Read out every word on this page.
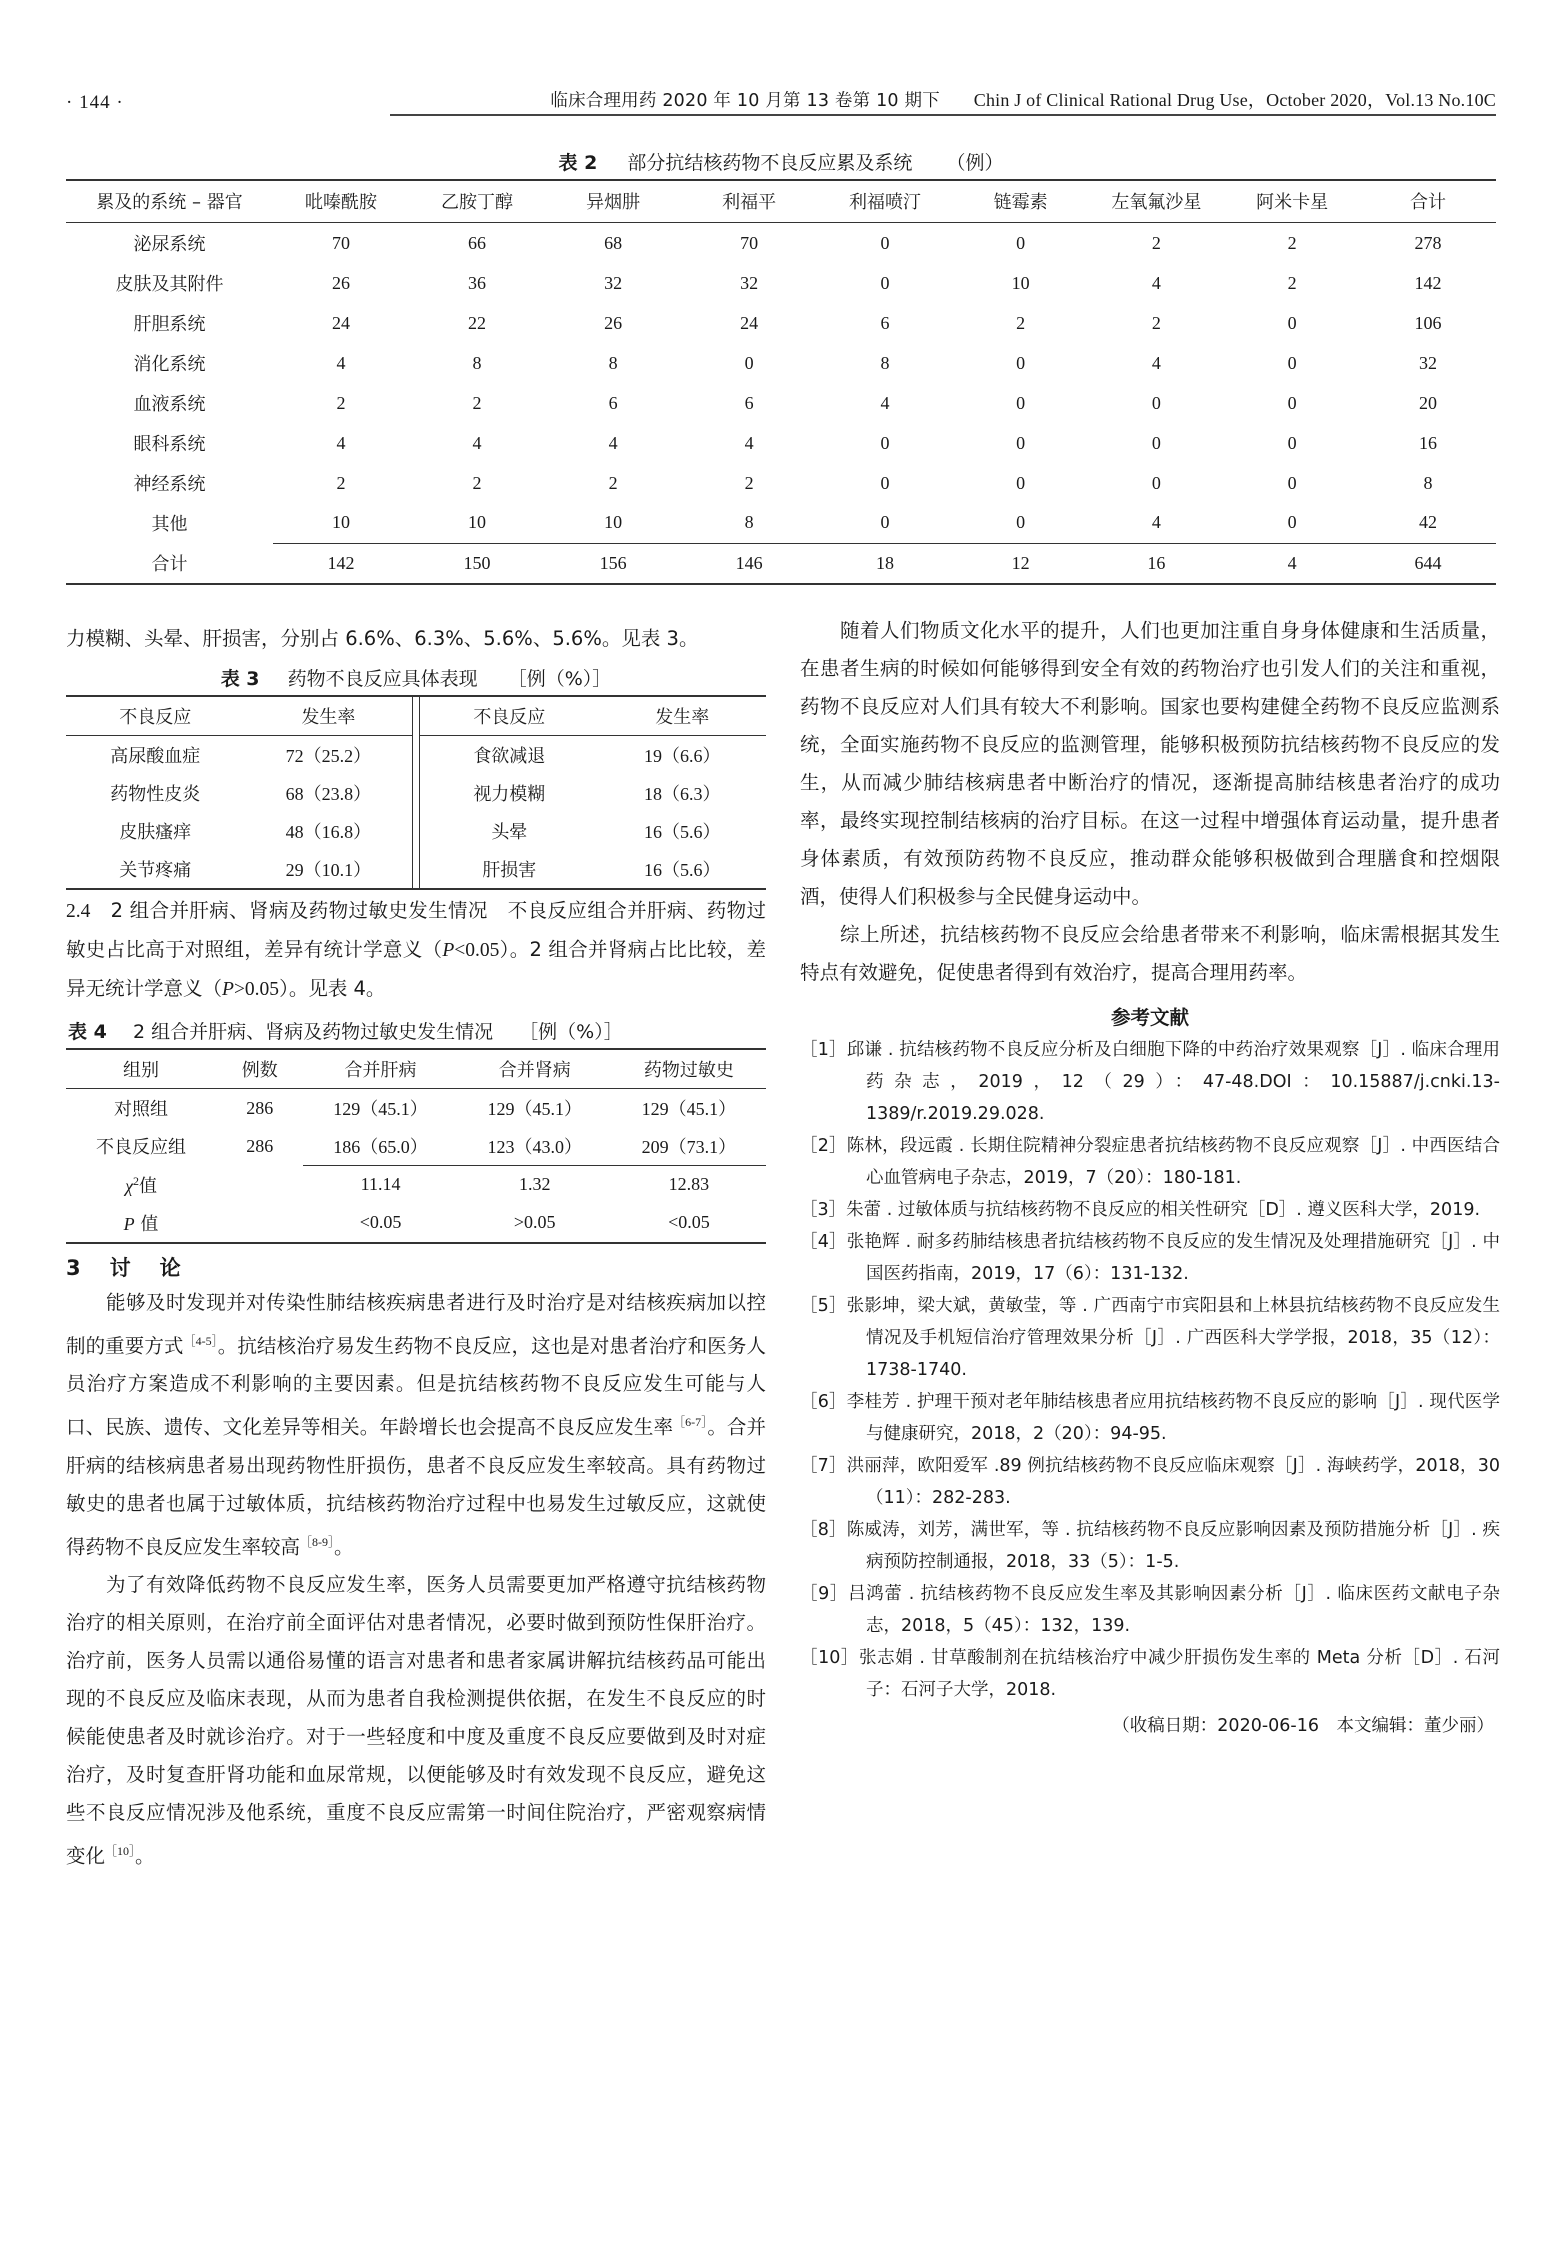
· 144 ·	临床合理用药 2020 年 10 月第 13 卷第 10 期下 Chin J of Clinical Rational Drug Use，October 2020，Vol.13 No.10C
表 2 部分抗结核药物不良反应累及系统 （例）
累及的系统 – 器官	吡嗪酰胺	乙胺丁醇	异烟肼	利福平	利福喷汀	链霉素	左氧氟沙星	阿米卡星	合计
泌尿系统	70	66	68	70	0	0	2	2	278
皮肤及其附件	26	36	32	32	0	10	4	2	142
肝胆系统	24	22	26	24	6	2	2	0	106
消化系统	4	8	8	0	8	0	4	0	32
血液系统	2	2	6	6	4	0	0	0	20
眼科系统	4	4	4	4	0	0	0	0	16
神经系统	2	2	2	2	0	0	0	0	8
其他	10	10	10	8	0	0	4	0	42
合计	142	150	156	146	18	12	16	4	644

力模糊、头晕、肝损害，分别占 6.6%、6.3%、5.6%、5.6%。见表 3。

表 3 药物不良反应具体表现 ［例（%）］
不良反应	发生率		不良反应	发生率
高尿酸血症	72（25.2）		食欲减退	19（6.6）
药物性皮炎	68（23.8）		视力模糊	18（6.3）
皮肤瘙痒	48（16.8）		头晕	16（5.6）
关节疼痛	29（10.1）		肝损害	16（5.6）

2.4　2 组合并肝病、肾病及药物过敏史发生情况　不良反应组合并肝病、药物过敏史占比高于对照组，差异有统计学意义（P<0.05）。2 组合并肾病占比比较，差异无统计学意义（P>0.05）。见表 4。

表 4 2 组合并肝病、肾病及药物过敏史发生情况 ［例（%）］
组别	例数	合并肝病	合并肾病	药物过敏史
对照组	286	129（45.1）	129（45.1）	129（45.1）
不良反应组	286	186（65.0）	123（43.0）	209（73.1）
$\chi^2$值		11.14	1.32	12.83
P 值		<0.05	>0.05	<0.05

3　讨　论

能够及时发现并对传染性肺结核疾病患者进行及时治疗是对结核疾病加以控制的重要方式$^{[4-5]}$。抗结核治疗易发生药物不良反应，这也是对患者治疗和医务人员治疗方案造成不利影响的主要因素。但是抗结核药物不良反应发生可能与人口、民族、遗传、文化差异等相关。年龄增长也会提高不良反应发生率$^{[6-7]}$。合并肝病的结核病患者易出现药物性肝损伤，患者不良反应发生率较高。具有药物过敏史的患者也属于过敏体质，抗结核药物治疗过程中也易发生过敏反应，这就使得药物不良反应发生率较高$^{[8-9]}$。

为了有效降低药物不良反应发生率，医务人员需要更加严格遵守抗结核药物治疗的相关原则，在治疗前全面评估对患者情况，必要时做到预防性保肝治疗。治疗前，医务人员需以通俗易懂的语言对患者和患者家属讲解抗结核药品可能出现的不良反应及临床表现，从而为患者自我检测提供依据，在发生不良反应的时候能使患者及时就诊治疗。对于一些轻度和中度及重度不良反应要做到及时对症治疗，及时复查肝肾功能和血尿常规，以便能够及时有效发现不良反应，避免这些不良反应情况涉及他系统，重度不良反应需第一时间住院治疗，严密观察病情变化$^{[10]}$。

随着人们物质文化水平的提升，人们也更加注重自身身体健康和生活质量，在患者生病的时候如何能够得到安全有效的药物治疗也引发人们的关注和重视，药物不良反应对人们具有较大不利影响。国家也要构建健全药物不良反应监测系统，全面实施药物不良反应的监测管理，能够积极预防抗结核药物不良反应的发生，从而减少肺结核病患者中断治疗的情况，逐渐提高肺结核患者治疗的成功率，最终实现控制结核病的治疗目标。在这一过程中增强体育运动量，提升患者身体素质，有效预防药物不良反应，推动群众能够积极做到合理膳食和控烟限酒，使得人们积极参与全民健身运动中。

综上所述，抗结核药物不良反应会给患者带来不利影响，临床需根据其发生特点有效避免，促使患者得到有效治疗，提高合理用药率。

参考文献

［1］邱谦 . 抗结核药物不良反应分析及白细胞下降的中药治疗效果观察［J］. 临床合理用药杂志，2019，12（29）：47-48.DOI：10.15887/j.cnki.13-1389/r.2019.29.028.

［2］陈林，段远霞 . 长期住院精神分裂症患者抗结核药物不良反应观察［J］. 中西医结合心血管病电子杂志，2019，7（20）：180-181.

［3］朱蕾 . 过敏体质与抗结核药物不良反应的相关性研究［D］. 遵义医科大学，2019.

［4］张艳辉 . 耐多药肺结核患者抗结核药物不良反应的发生情况及处理措施研究［J］. 中国医药指南，2019，17（6）：131-132.

［5］张影坤，梁大斌，黄敏莹，等 . 广西南宁市宾阳县和上林县抗结核药物不良反应发生情况及手机短信治疗管理效果分析［J］. 广西医科大学学报，2018，35（12）：1738-1740.

［6］李桂芳 . 护理干预对老年肺结核患者应用抗结核药物不良反应的影响［J］. 现代医学与健康研究，2018，2（20）：94-95.

［7］洪丽萍，欧阳爱军 .89 例抗结核药物不良反应临床观察［J］. 海峡药学，2018，30（11）：282-283.

［8］陈威涛，刘芳，满世军，等 . 抗结核药物不良反应影响因素及预防措施分析［J］. 疾病预防控制通报，2018，33（5）：1-5.

［9］吕鸿蕾 . 抗结核药物不良反应发生率及其影响因素分析［J］. 临床医药文献电子杂志，2018，5（45）：132，139.

［10］张志娟 . 甘草酸制剂在抗结核治疗中减少肝损伤发生率的 Meta 分析［D］. 石河子：石河子大学，2018.

（收稿日期：2020-06-16　本文编辑：董少丽）
